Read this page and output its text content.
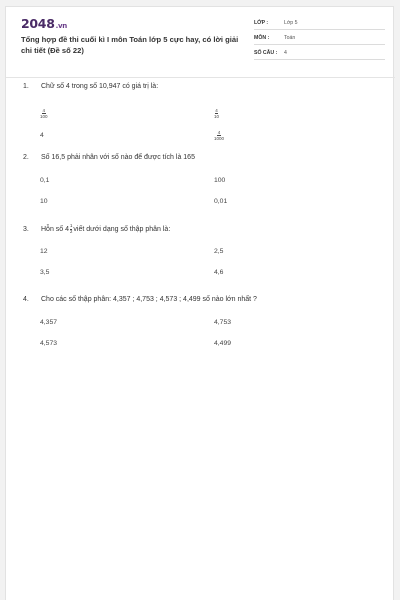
2048.vn
Tổng hợp đề thi cuối kì I môn Toán lớp 5 cực hay, có lời giải chi tiết (Đề số 22)
LỚP :	Lớp 5
MÔN :	Toán
SỐ CÂU : 4
1. Chữ số 4 trong số 10,947 có giá trị là:
$\frac{4}{100}$	$\frac{4}{10}$
4	$\frac{4}{1000}$
2. Số 16,5 phải nhân với số nào để được tích là 165
0,1	100
10	0,01
3. Hỗn số $4 \frac{1}{2}$ viết dưới dạng số thập phân là:
12	2,5
3,5	4,6
4. Cho các số thập phân: 4,357 ; 4,753 ; 4,573 ; 4,499 số nào lớn nhất ?
4,357	4,753
4,573	4,499
